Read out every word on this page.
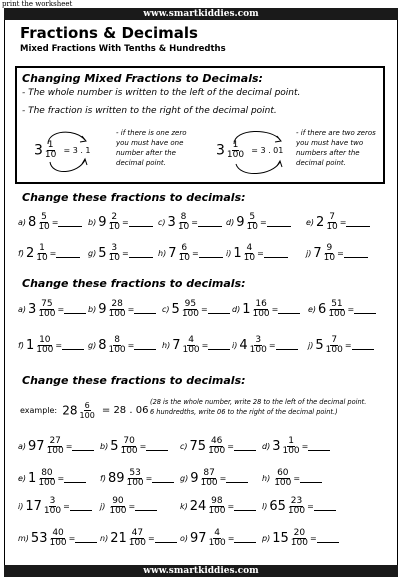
print the worksheet
www.smartkiddies.com
Fractions & Decimals
Mixed Fractions With Tenths & Hundredths
Changing Mixed Fractions to Decimals:
- The whole number is written to the left of the decimal point.
- The fraction is written to the right of the decimal point.
$3 \frac{1}{10} = 3$ . 1
- if there is one zero you must have one number after the decimal point.
$3 \frac{1}{100} = 3$ . 01
- if there are two zeros you must have two numbers after the decimal point.
Change these fractions to decimals:
Change these fractions to decimals:
Change these fractions to decimals:
a) $8 \frac{5}{10}$ =	b) $9 \frac{2}{10}$ =	c) $3 \frac{8}{10}$ =	d) $9 \frac{5}{10}$ =	e) $2 \frac{7}{10}$ =
f) $2 \frac{1}{10}$ =	g) $5 \frac{3}{10}$ =	h) $7 \frac{6}{10}$ =	i) $1 \frac{4}{10}$ =	j) $7 \frac{9}{10}$ =
a) $3 \frac{75}{100}$ =	b) $9 \frac{28}{100}$ =	c) $5 \frac{95}{100}$ =	d) $1 \frac{16}{100}$ =	e) $6 \frac{51}{100}$ =
f) $1 \frac{10}{100}$ =	g) $8 \frac{8}{100}$ =	h) $7 \frac{4}{100}$ =	i) $4 \frac{3}{100}$ =	j) $5 \frac{7}{100}$ =
example: $28 \frac{6}{100} = 28$ . 06
(28 is the whole number, write 28 to the left of the decimal point.
6 hundredths, write 06 to the right of the decimal point.)
a) $97 \frac{27}{100}$ =	b) $5 \frac{70}{100}$ =	c) $75 \frac{46}{100}$ =	d) $3 \frac{1}{100}$ =
e) $1 \frac{80}{100}$ =	f) $89 \frac{53}{100}$ =	g) $9 \frac{87}{100}$ =	$h) \frac{60}{100}$ =
i) $17 \frac{3}{100}$ =	$j) \frac{90}{100}$ =	k) $24 \frac{98}{100}$ =	l) $65 \frac{23}{100}$ =
m) $53 \frac{40}{100}$ =	n) $21 \frac{47}{100}$ =	o) $97 \frac{4}{100}$ =	p) $15 \frac{20}{100}$ =
www.smartkiddies.com
